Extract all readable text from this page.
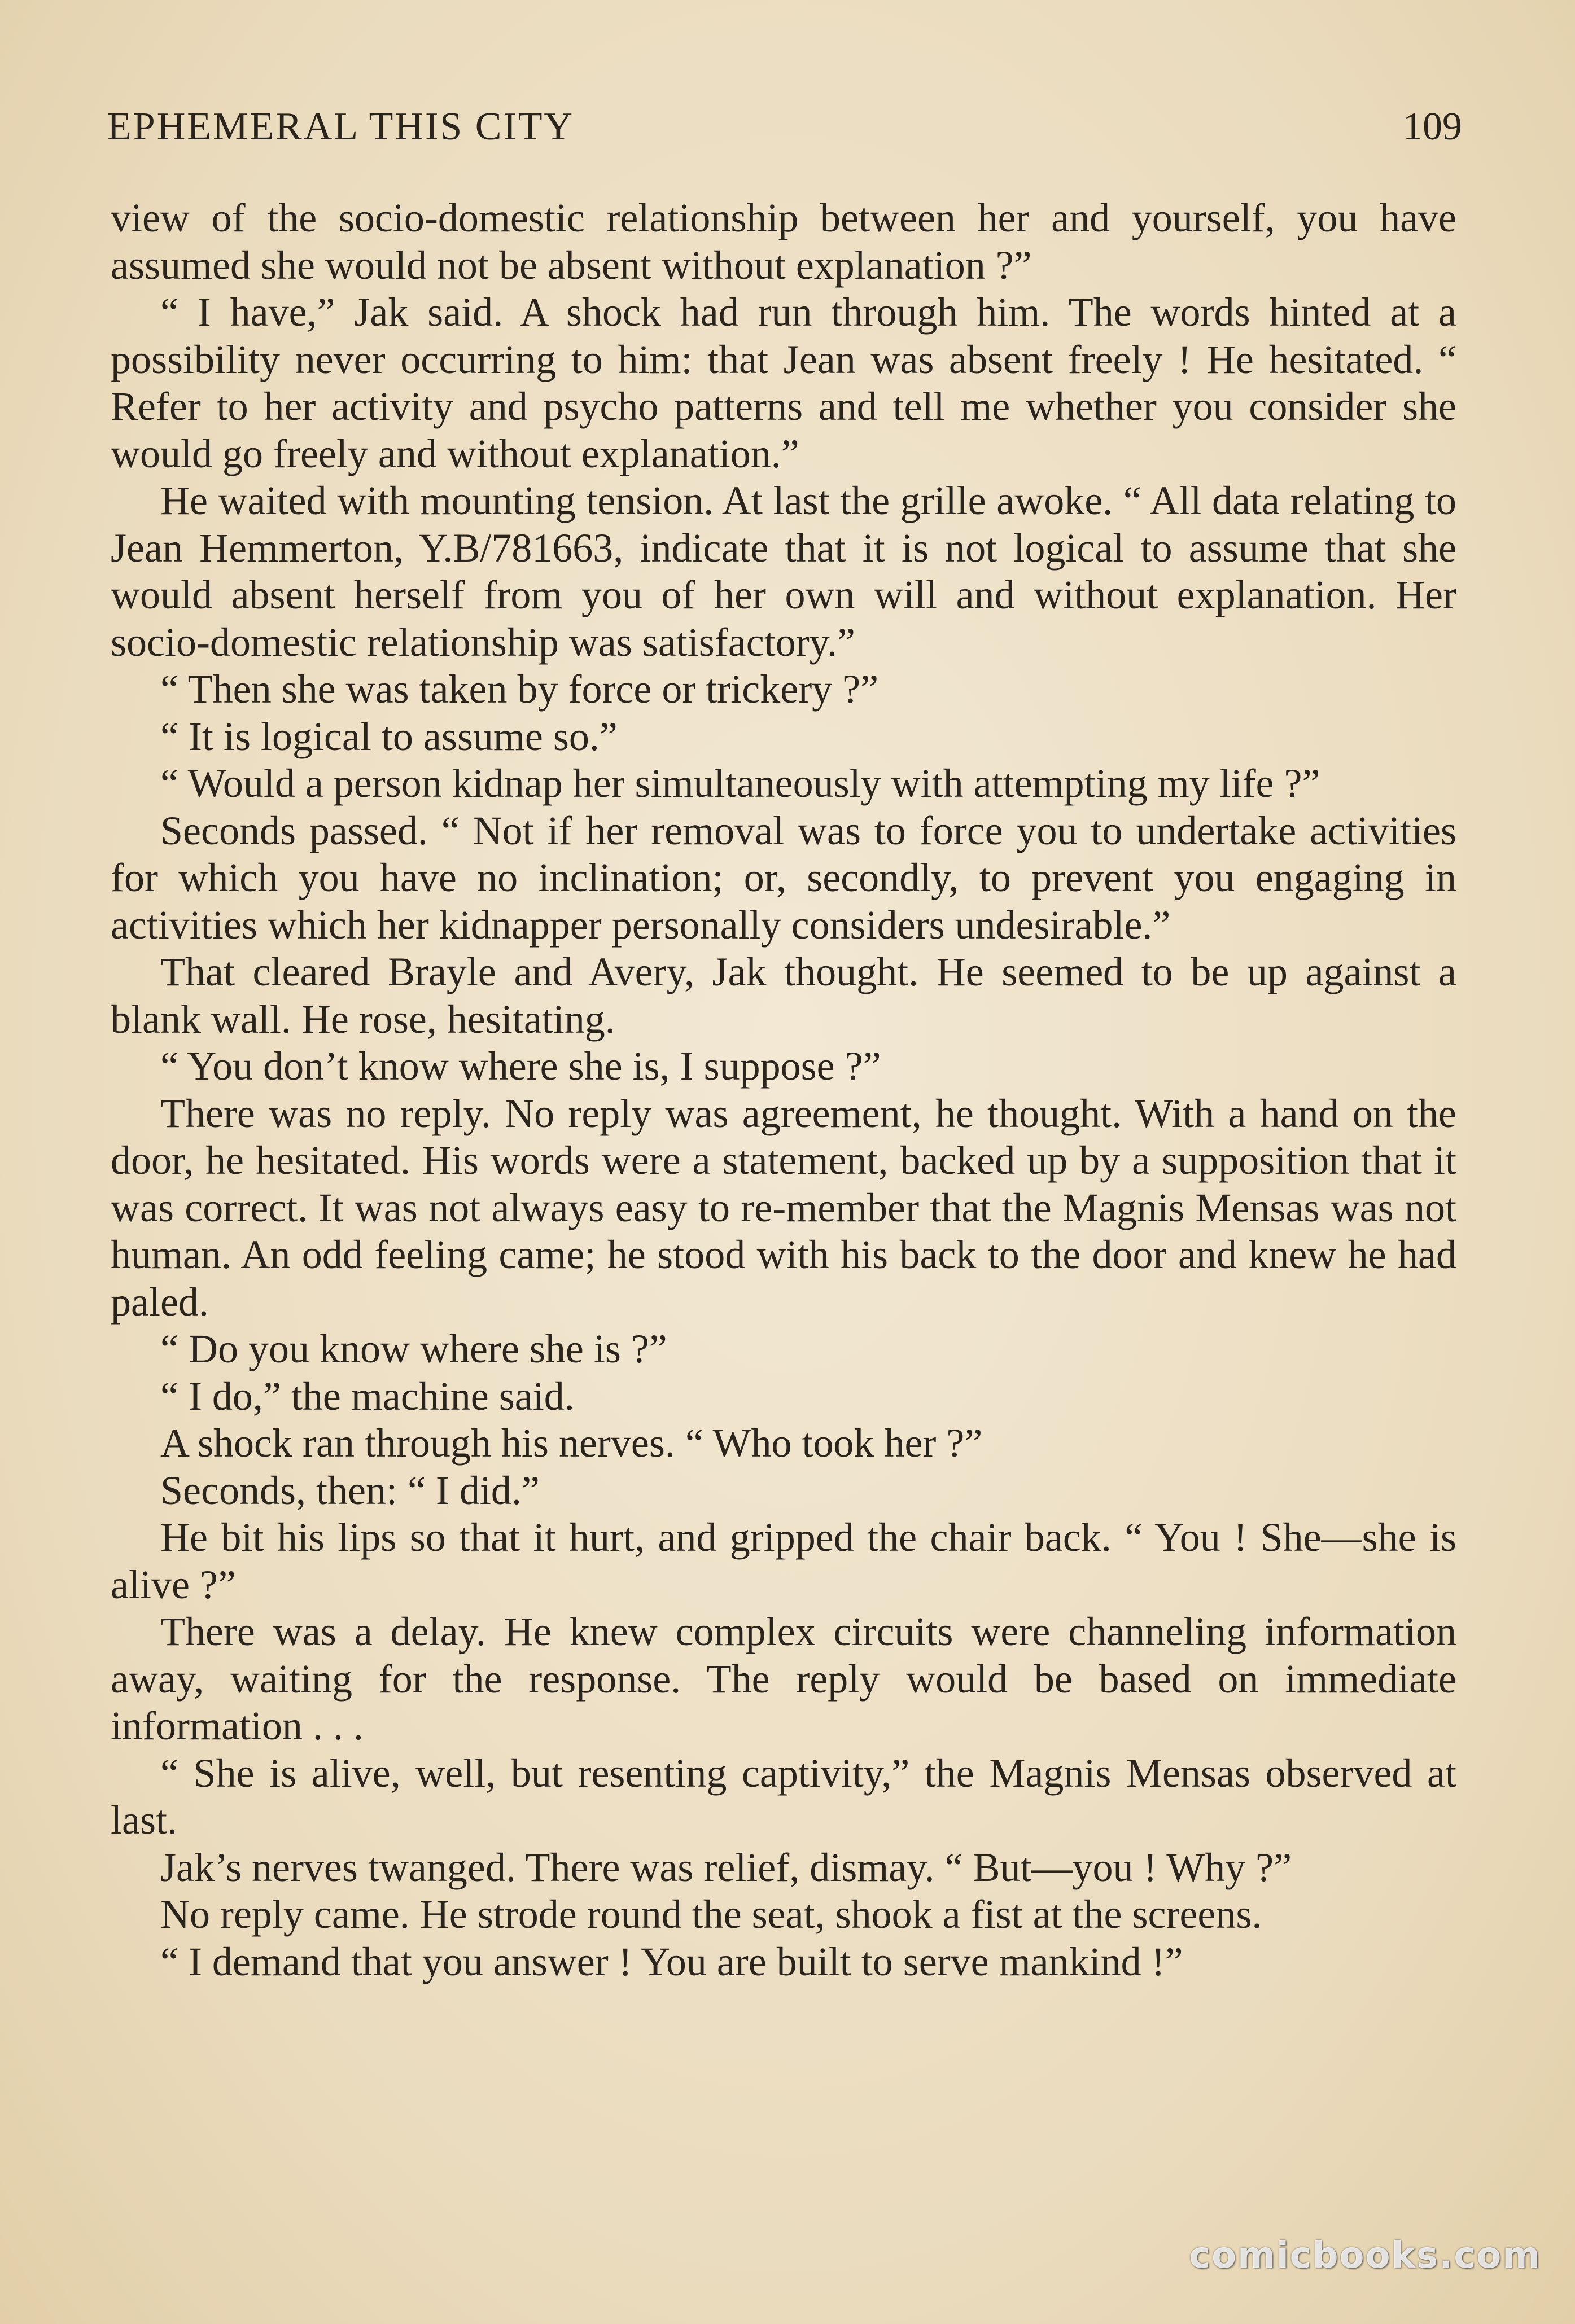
EPHEMERAL THIS CITY	109

view of the socio-domestic relationship between her and yourself, you have assumed she would not be absent without explanation ?”

“ I have,” Jak said. A shock had run through him. The words hinted at a possibility never occurring to him: that Jean was absent freely ! He hesitated. “ Refer to her activity and psycho patterns and tell me whether you consider she would go freely and without explanation.”

He waited with mounting tension. At last the grille awoke. “ All data relating to Jean Hemmerton, Y.B/781663, indicate that it is not logical to assume that she would absent herself from you of her own will and without explanation. Her socio-domestic relationship was satisfactory.”

“ Then she was taken by force or trickery ?”

“ It is logical to assume so.”

“ Would a person kidnap her simultaneously with attempting my life ?”

Seconds passed. “ Not if her removal was to force you to undertake activities for which you have no inclination; or, secondly, to prevent you engaging in activities which her kidnapper personally considers undesirable.”

That cleared Brayle and Avery, Jak thought. He seemed to be up against a blank wall. He rose, hesitating.

“ You don’t know where she is, I suppose ?”

There was no reply. No reply was agreement, he thought. With a hand on the door, he hesitated. His words were a statement, backed up by a supposition that it was correct. It was not always easy to re-member that the Magnis Mensas was not human. An odd feeling came; he stood with his back to the door and knew he had paled.

“ Do you know where she is ?”

“ I do,” the machine said.

A shock ran through his nerves. “ Who took her ?”

Seconds, then: “ I did.”

He bit his lips so that it hurt, and gripped the chair back. “ You ! She—she is alive ?”

There was a delay. He knew complex circuits were channeling information away, waiting for the response. The reply would be based on immediate information . . .

“ She is alive, well, but resenting captivity,” the Magnis Mensas observed at last.

Jak’s nerves twanged. There was relief, dismay. “ But—you ! Why ?”

No reply came. He strode round the seat, shook a fist at the screens.

“ I demand that you answer ! You are built to serve mankind !”

comicbooks.com
